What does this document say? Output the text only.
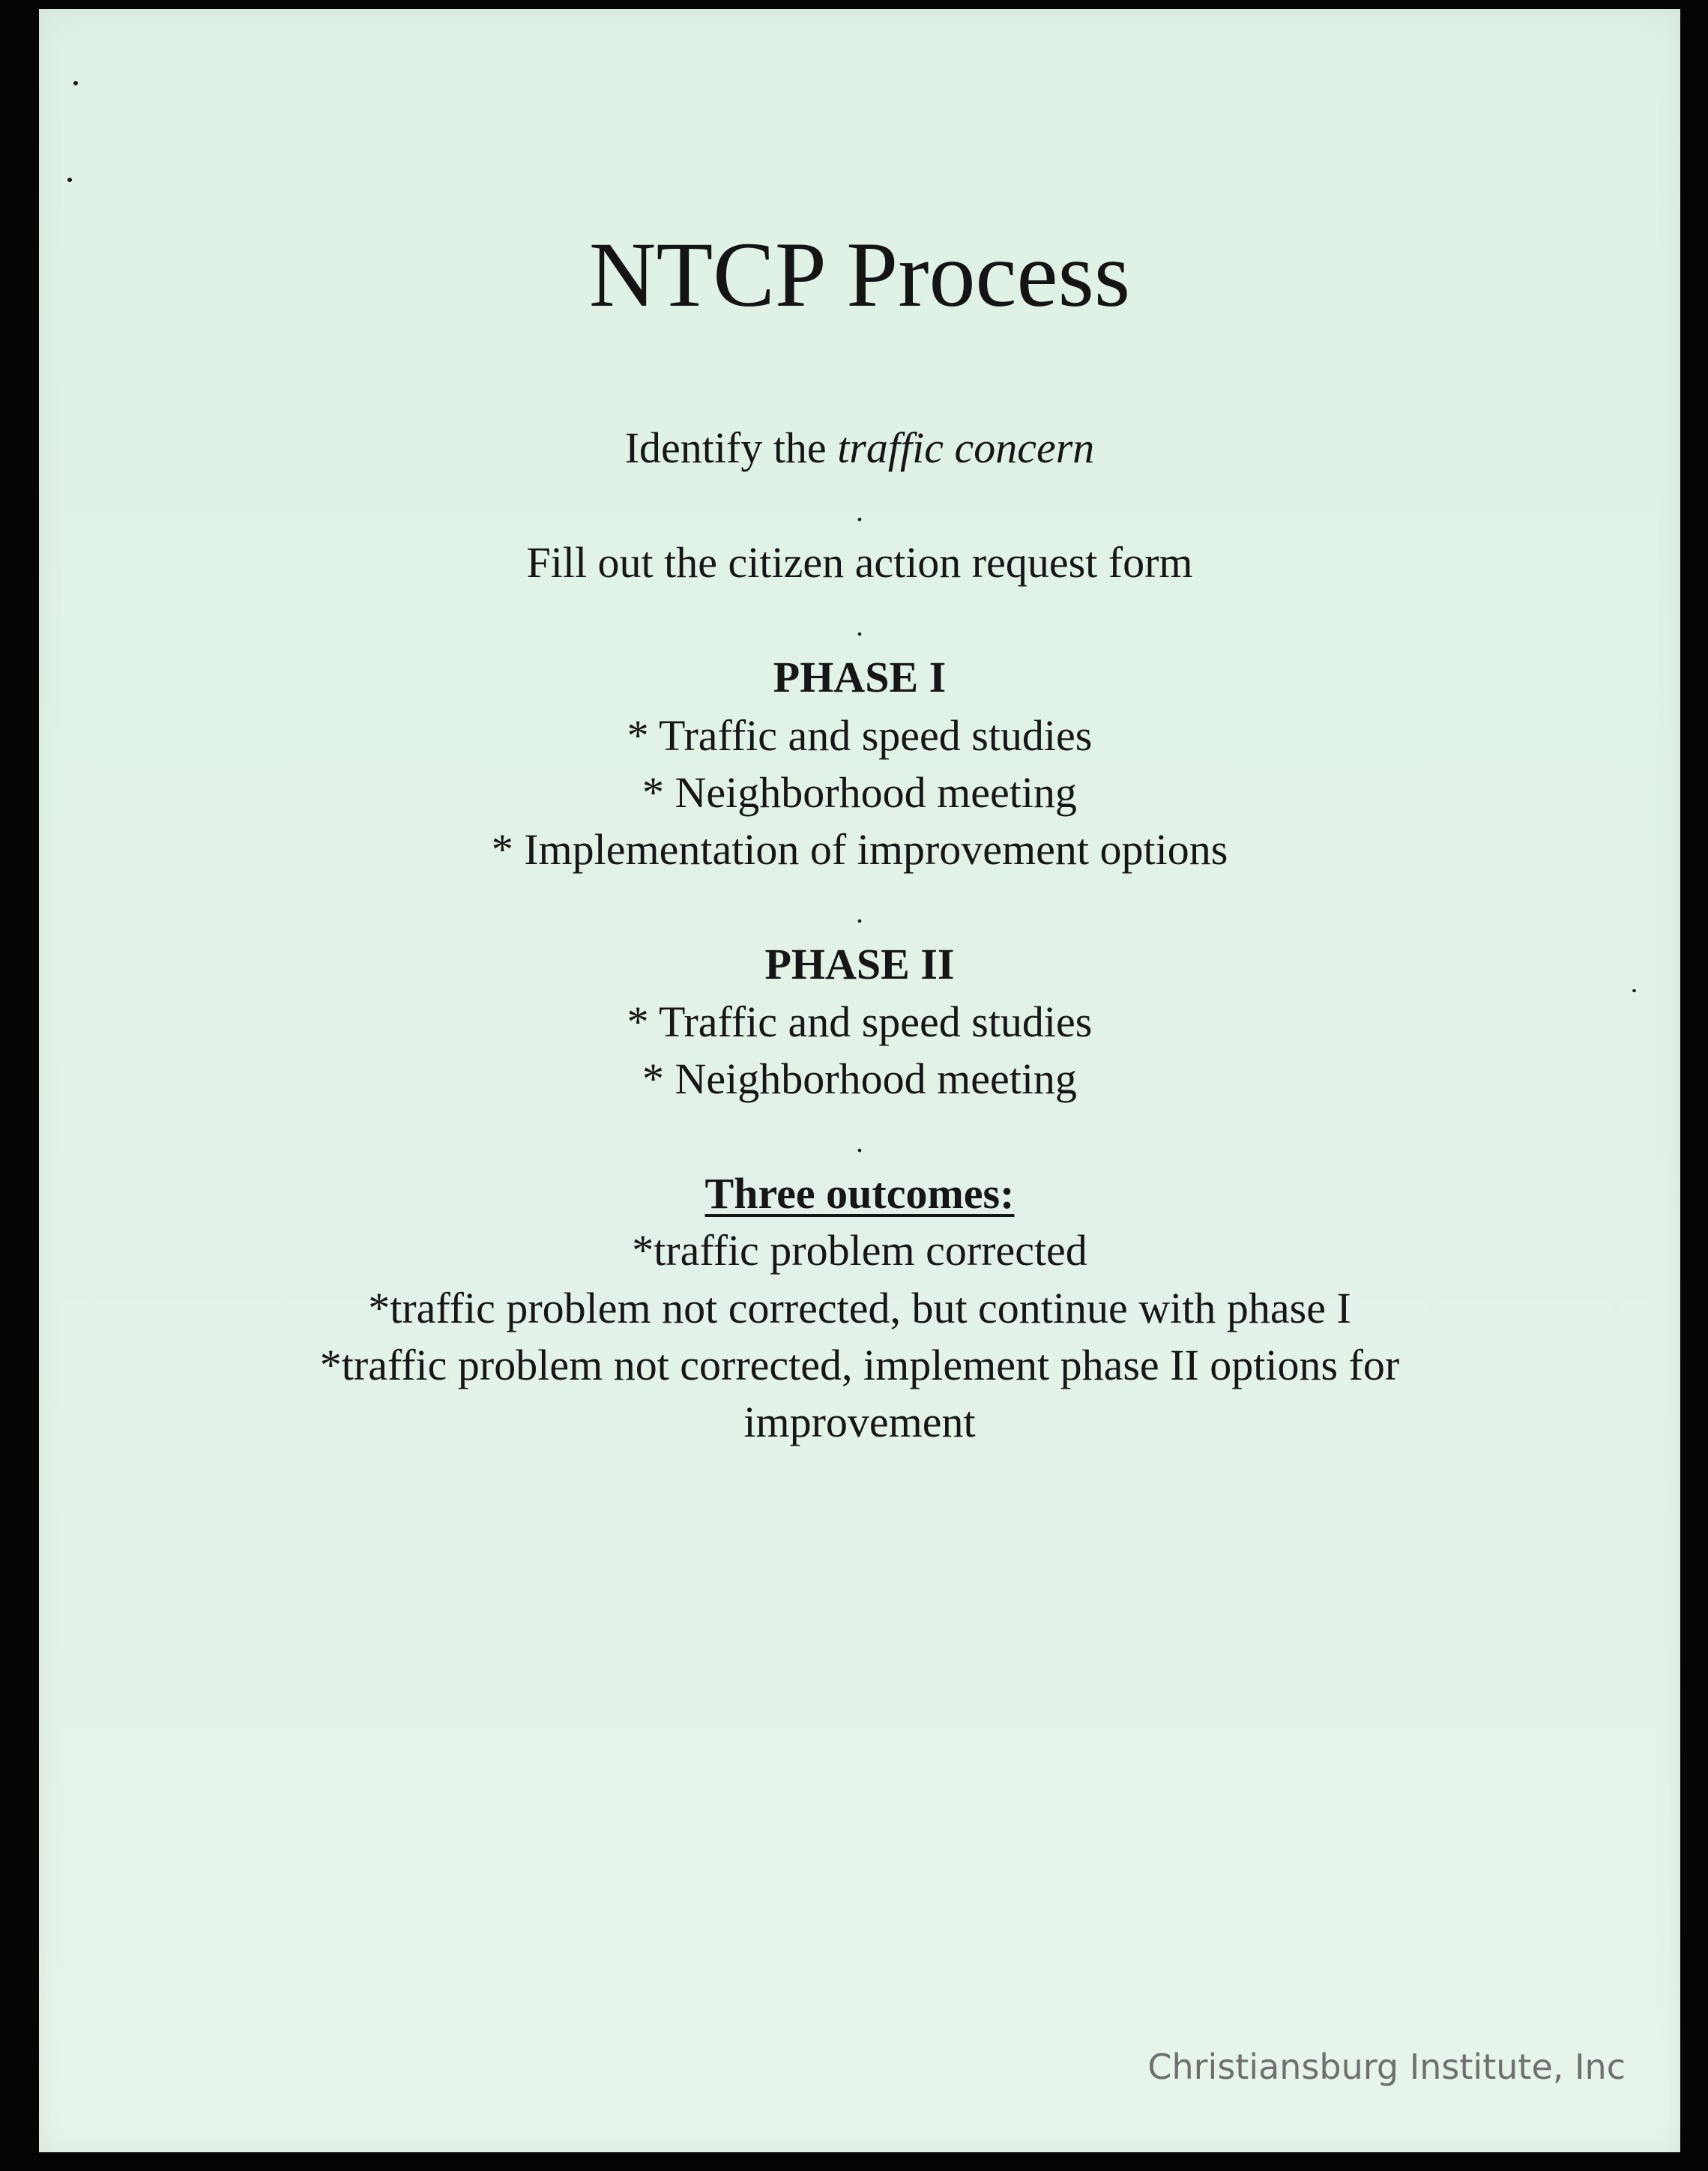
NTCP Process
Identify the traffic concern
.
Fill out the citizen action request form
.
PHASE I
* Traffic and speed studies
* Neighborhood meeting
* Implementation of improvement options
.
PHASE II
* Traffic and speed studies
* Neighborhood meeting
.
Three outcomes:
*traffic problem corrected
*traffic problem not corrected, but continue with phase I
*traffic problem not corrected, implement phase II options for
improvement
Christiansburg Institute, Inc
